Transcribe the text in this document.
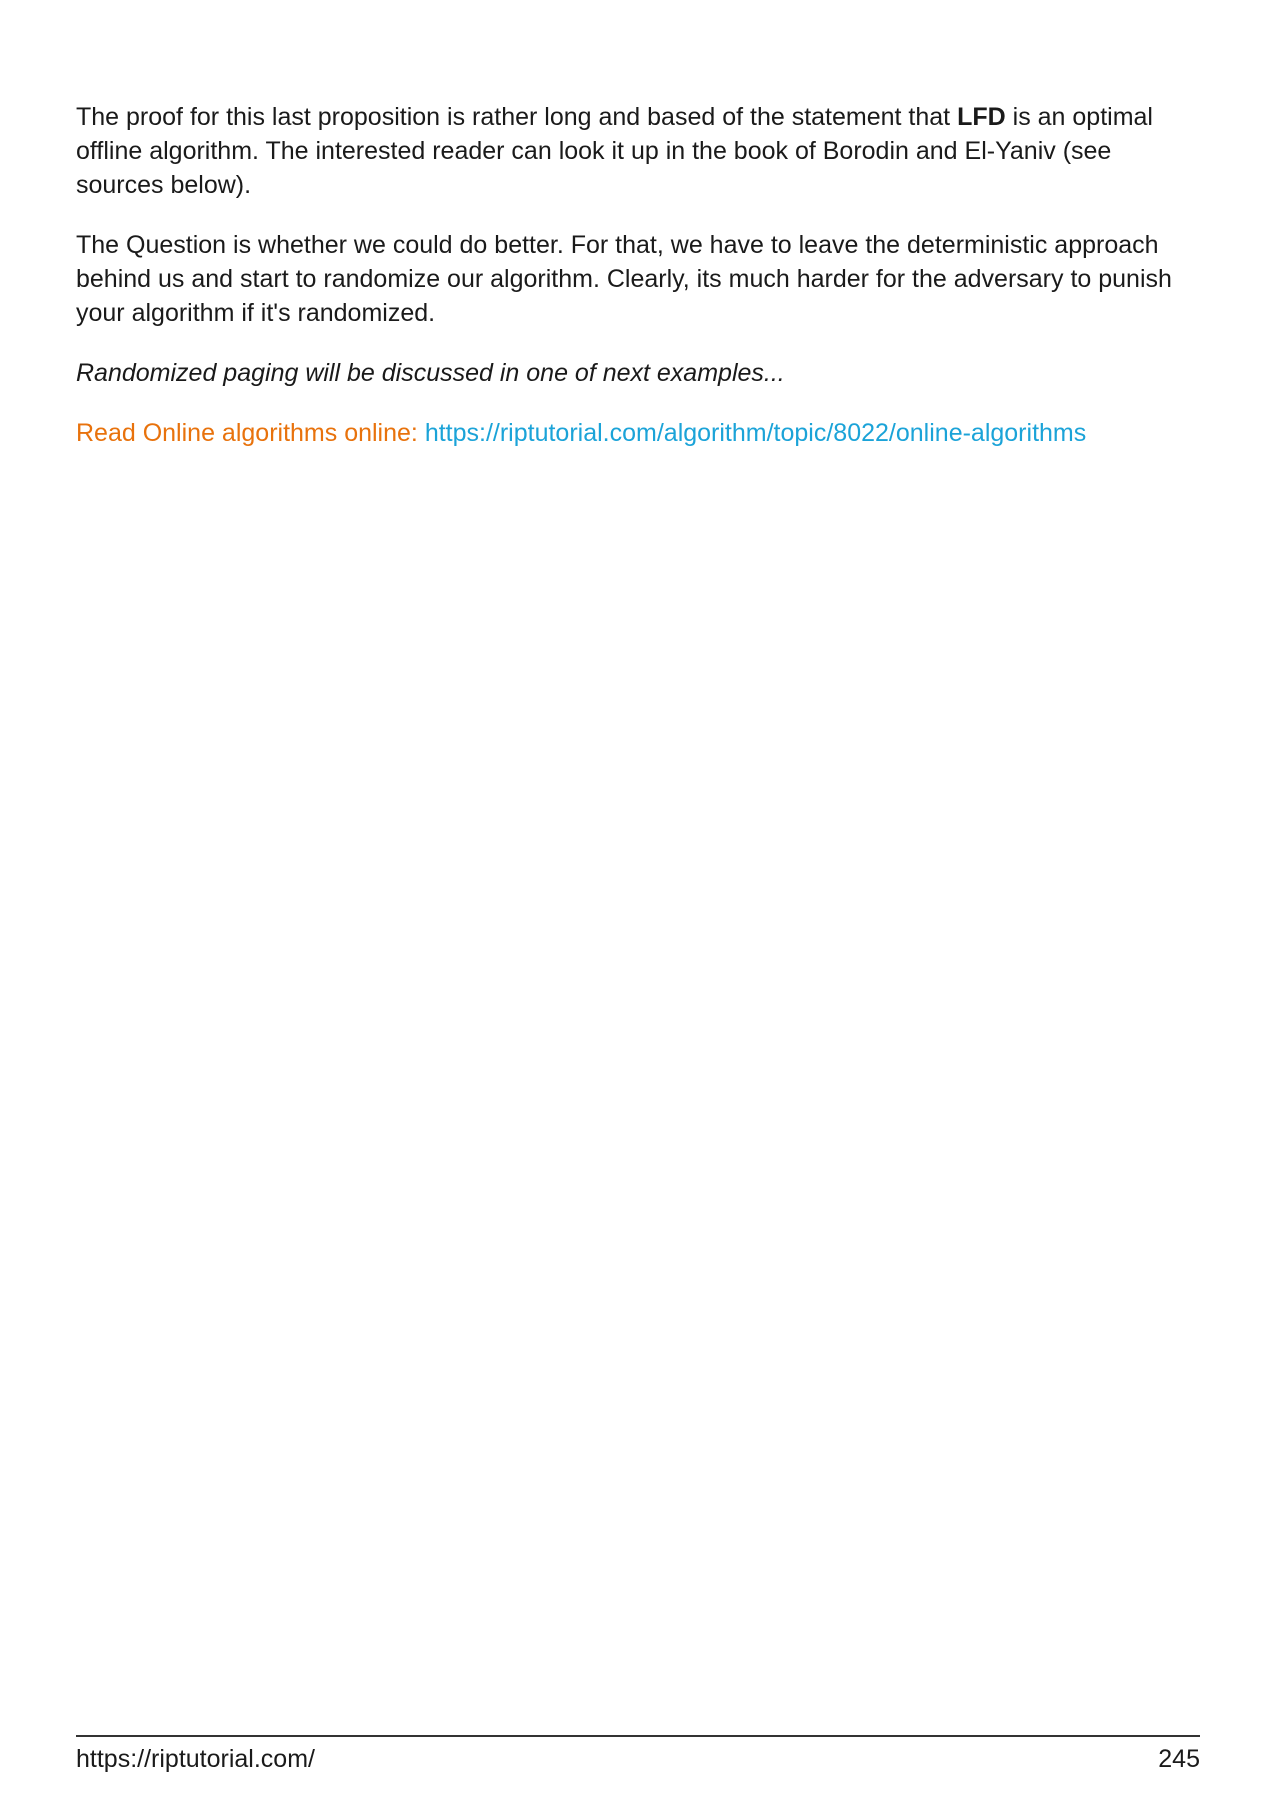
The proof for this last proposition is rather long and based of the statement that LFD is an optimal offline algorithm. The interested reader can look it up in the book of Borodin and El-Yaniv (see sources below).

The Question is whether we could do better. For that, we have to leave the deterministic approach behind us and start to randomize our algorithm. Clearly, its much harder for the adversary to punish your algorithm if it's randomized.

Randomized paging will be discussed in one of next examples...

Read Online algorithms online: https://riptutorial.com/algorithm/topic/8022/online-algorithms

https://riptutorial.com/	245
